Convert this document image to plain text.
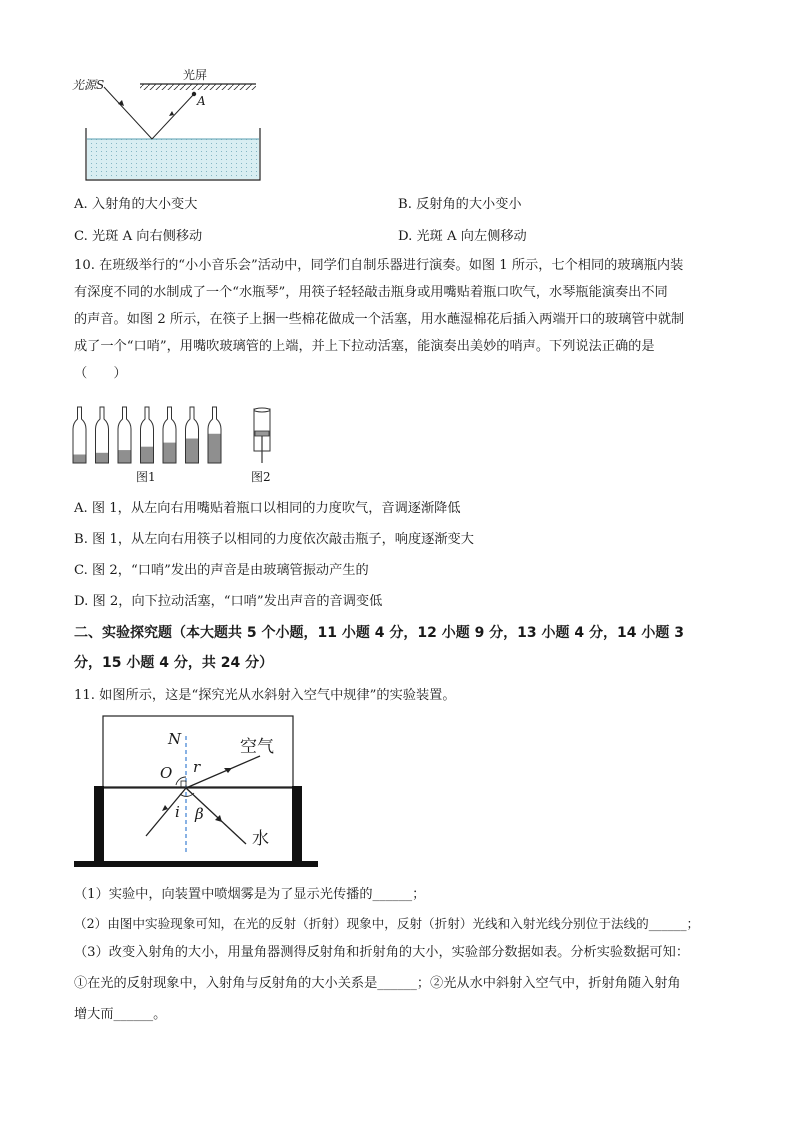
光源S
光屏
A
A. 入射角的大小变大	B. 反射角的大小变小
C. 光斑 A 向右侧移动	D. 光斑 A 向左侧移动
10. 在班级举行的“小小音乐会”活动中，同学们自制乐器进行演奏。如图 1 所示，七个相同的玻璃瓶内装
有深度不同的水制成了一个“水瓶琴”，用筷子轻轻敲击瓶身或用嘴贴着瓶口吹气，水琴瓶能演奏出不同
的声音。如图 2 所示，在筷子上捆一些棉花做成一个活塞，用水蘸湿棉花后插入两端开口的玻璃管中就制
成了一个“口哨”，用嘴吹玻璃管的上端，并上下拉动活塞，能演奏出美妙的哨声。下列说法正确的是
（　　）
图1	图2
A. 图 1，从左向右用嘴贴着瓶口以相同的力度吹气，音调逐渐降低
B. 图 1，从左向右用筷子以相同的力度依次敲击瓶子，响度逐渐变大
C. 图 2，“口哨”发出的声音是由玻璃管振动产生的
D. 图 2，向下拉动活塞，“口哨”发出声音的音调变低
二、实验探究题（本大题共 5 个小题，11 小题 4 分，12 小题 9 分，13 小题 4 分，14 小题 3
分，15 小题 4 分，共 24 分）
11. 如图所示，这是“探究光从水斜射入空气中规律”的实验装置。
N	空气
O r
i β
水
（1）实验中，向装置中喷烟雾是为了显示光传播的______；
（2）由图中实验现象可知，在光的反射（折射）现象中，反射（折射）光线和入射光线分别位于法线的______；
（3）改变入射角的大小，用量角器测得反射角和折射角的大小，实验部分数据如表。分析实验数据可知：
①在光的反射现象中，入射角与反射角的大小关系是______；②光从水中斜射入空气中，折射角随入射角
增大而______。
